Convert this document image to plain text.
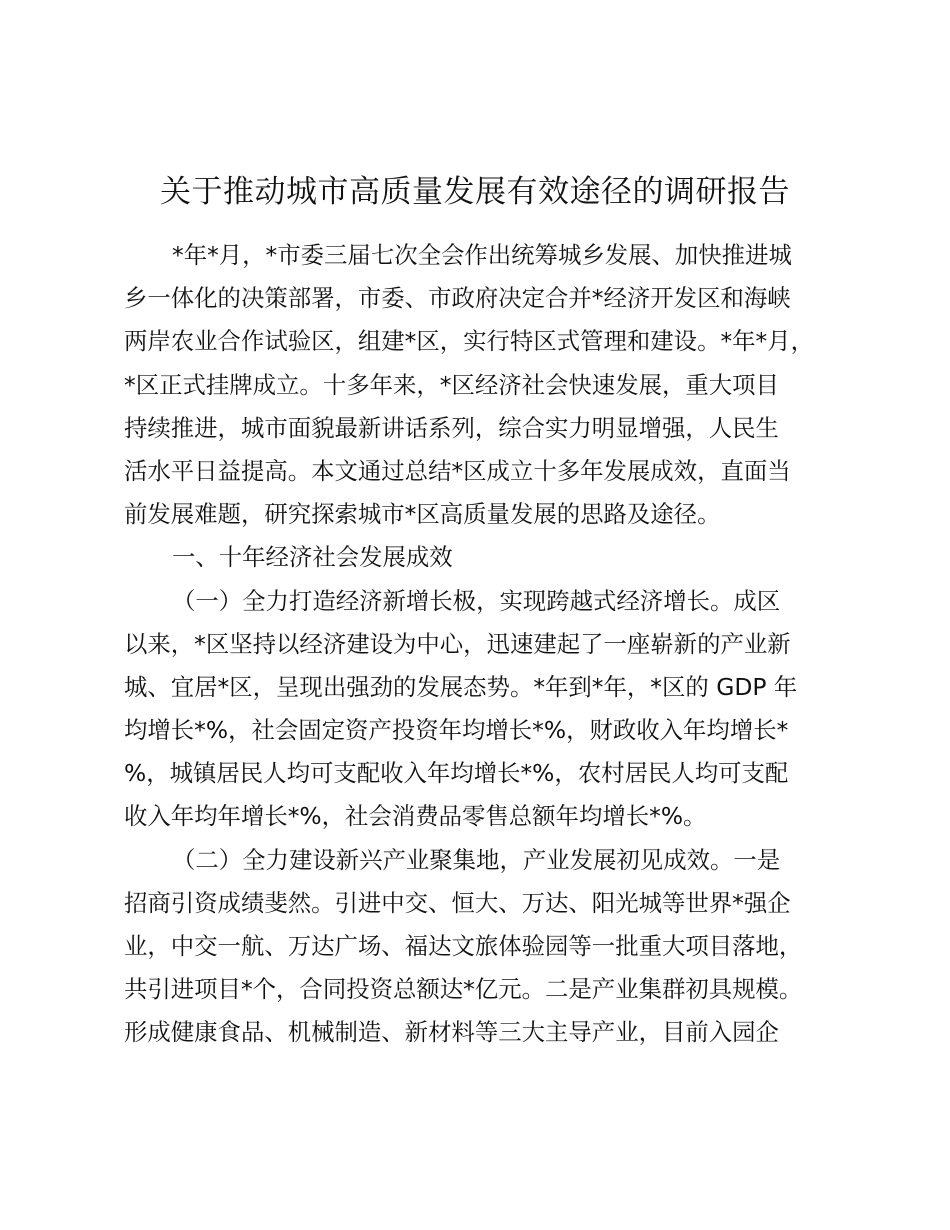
关于推动城市高质量发展有效途径的调研报告
*年*月，*市委三届七次全会作出统筹城乡发展、加快推进城
乡一体化的决策部署，市委、市政府决定合并*经济开发区和海峡
两岸农业合作试验区，组建*区，实行特区式管理和建设。*年*月，
*区正式挂牌成立。十多年来，*区经济社会快速发展，重大项目
持续推进，城市面貌最新讲话系列，综合实力明显增强，人民生
活水平日益提高。本文通过总结*区成立十多年发展成效，直面当
前发展难题，研究探索城市*区高质量发展的思路及途径。
一、十年经济社会发展成效
（一）全力打造经济新增长极，实现跨越式经济增长。成区
以来，*区坚持以经济建设为中心，迅速建起了一座崭新的产业新
城、宜居*区，呈现出强劲的发展态势。*年到*年，*区的 GDP 年
均增长*%，社会固定资产投资年均增长*%，财政收入年均增长*
%，城镇居民人均可支配收入年均增长*%，农村居民人均可支配
收入年均年增长*%，社会消费品零售总额年均增长*%。
（二）全力建设新兴产业聚集地，产业发展初见成效。一是
招商引资成绩斐然。引进中交、恒大、万达、阳光城等世界*强企
业，中交一航、万达广场、福达文旅体验园等一批重大项目落地，
共引进项目*个，合同投资总额达*亿元。二是产业集群初具规模。
形成健康食品、机械制造、新材料等三大主导产业，目前入园企
